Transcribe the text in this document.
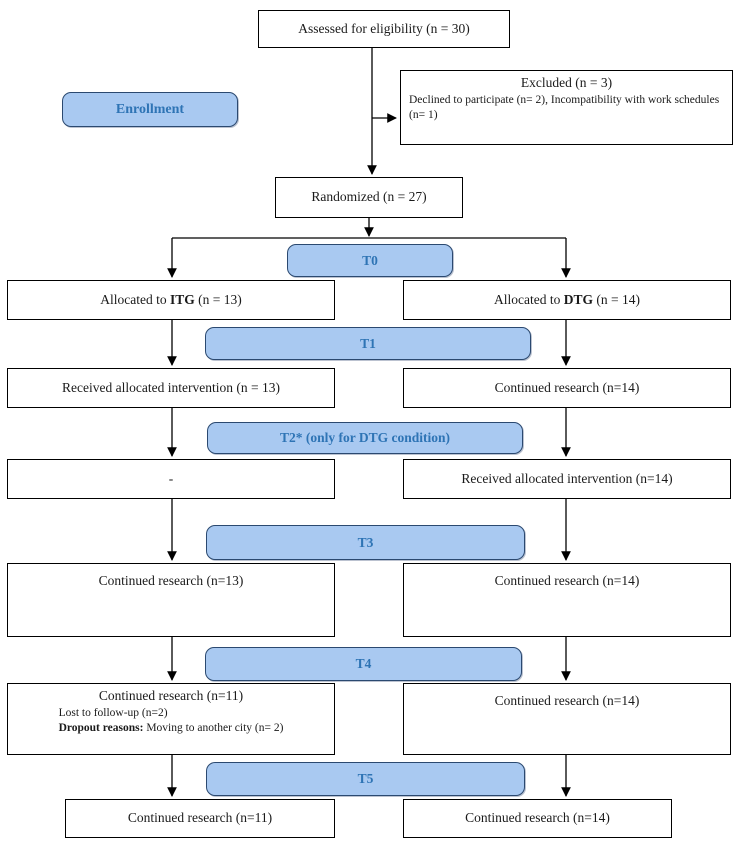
Assessed for eligibility (n = 30)
Excluded (n = 3)
Declined to participate (n= 2), Incompatibility with work schedules (n= 1)
Enrollment
Randomized (n = 27)
T0
Allocated to ITG (n = 13)	Allocated to DTG (n = 14)
T1
Received allocated intervention (n = 13)	Continued research (n=14)
T2* (only for DTG condition)
-	Received allocated intervention (n=14)
T3
Continued research (n=13)	Continued research (n=14)
T4
Continued research (n=11)
Lost to follow-up (n=2)
Dropout reasons: Moving to another city (n= 2)
Continued research (n=14)
T5
Continued research (n=11)	Continued research (n=14)
